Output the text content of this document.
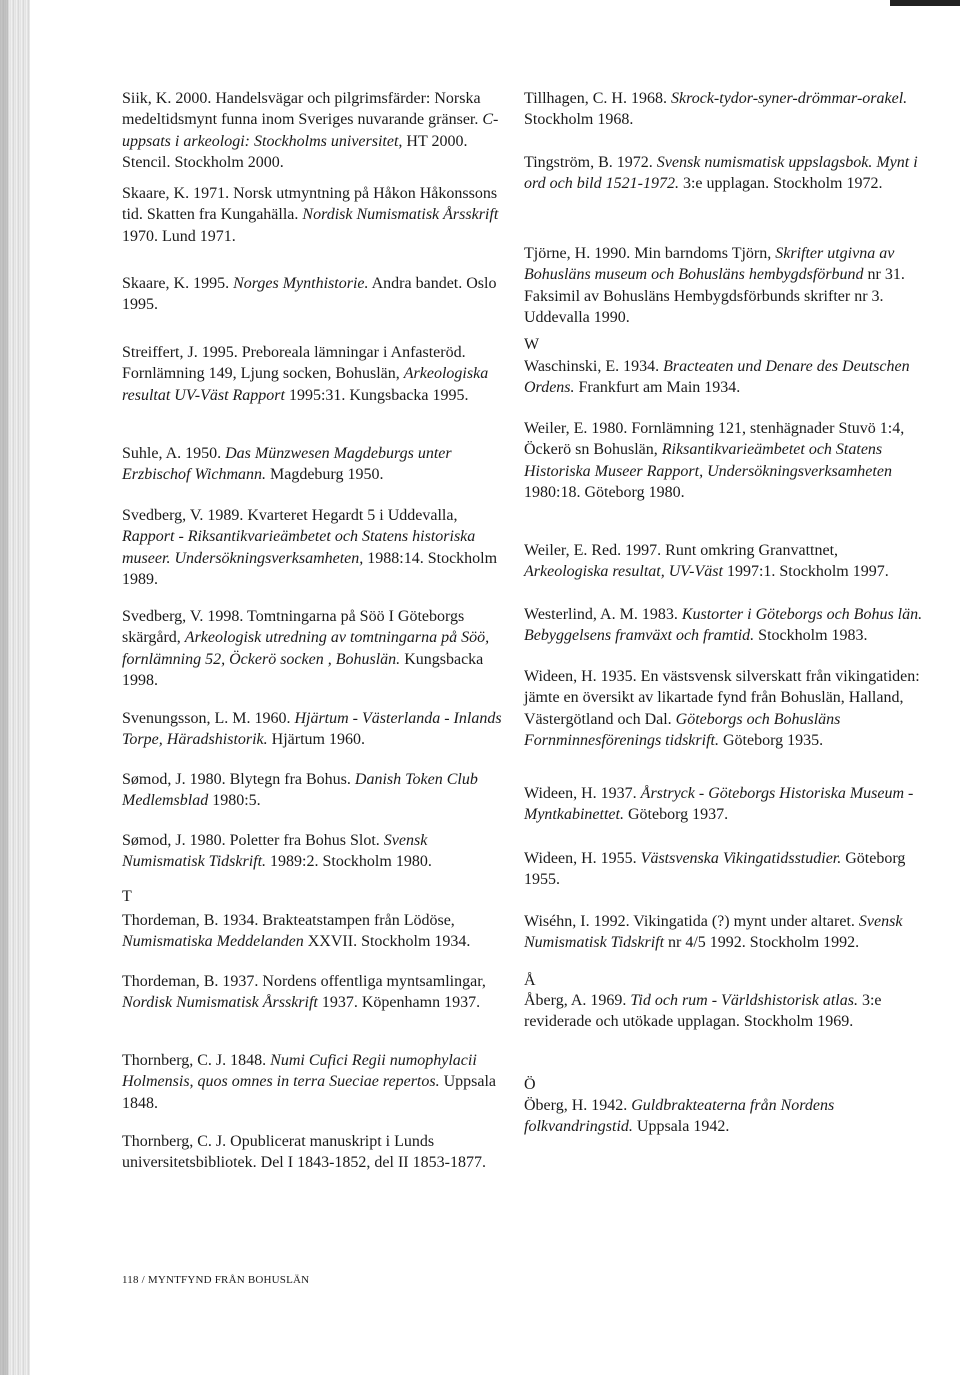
Siik, K. 2000. Handelsvägar och pilgrimsfärder: Norska medeltidsmynt funna inom Sveriges nuvarande gränser. C-uppsats i arkeologi: Stockholms universitet, HT 2000. Stencil. Stockholm 2000.
Skaare, K. 1971. Norsk utmyntning på Håkon Håkonssons tid. Skatten fra Kungahälla. Nordisk Numismatisk Årsskrift 1970. Lund 1971.
Skaare, K. 1995. Norges Mynthistorie. Andra bandet. Oslo 1995.
Streiffert, J. 1995. Preboreala lämningar i Anfasteröd. Fornlämning 149, Ljung socken, Bohuslän, Arkeologiska resultat UV-Väst Rapport 1995:31. Kungsbacka 1995.
Suhle, A. 1950. Das Münzwesen Magdeburgs unter Erzbischof Wichmann. Magdeburg 1950.
Svedberg, V. 1989. Kvarteret Hegardt 5 i Uddevalla, Rapport - Riksantikvarieämbetet och Statens historiska museer. Undersökningsverksamheten, 1988:14. Stockholm 1989.
Svedberg, V. 1998. Tomtningarna på Söö I Göteborgs skärgård, Arkeologisk utredning av tomtningarna på Söö, fornlämning 52, Öckerö socken , Bohuslän. Kungsbacka 1998.
Svenungsson, L. M. 1960. Hjärtum - Västerlanda - Inlands Torpe, Häradshistorik. Hjärtum 1960.
Sømod, J. 1980. Blytegn fra Bohus. Danish Token Club Medlemsblad 1980:5.
Sømod, J. 1980. Poletter fra Bohus Slot. Svensk Numismatisk Tidskrift. 1989:2. Stockholm 1980.
T
Thordeman, B. 1934. Brakteatstampen från Lödöse, Numismatiska Meddelanden XXVII. Stockholm 1934.
Thordeman, B. 1937. Nordens offentliga myntsamlingar, Nordisk Numismatisk Årsskrift 1937. Köpenhamn 1937.
Thornberg, C. J. 1848. Numi Cufici Regii numophylacii Holmensis, quos omnes in terra Sueciae repertos. Uppsala 1848.
Thornberg, C. J. Opublicerat manuskript i Lunds universitetsbibliotek. Del I 1843-1852, del II 1853-1877.
Tillhagen, C. H. 1968. Skrock-tydor-syner-drömmar-orakel. Stockholm 1968.
Tingström, B. 1972. Svensk numismatisk uppslagsbok. Mynt i ord och bild 1521-1972. 3:e upplagan. Stockholm 1972.
Tjörne, H. 1990. Min barndoms Tjörn, Skrifter utgivna av Bohusläns museum och Bohusläns hembygdsförbund nr 31. Faksimil av Bohusläns Hembygdsförbunds skrifter nr 3. Uddevalla 1990.
W
Waschinski, E. 1934. Bracteaten und Denare des Deutschen Ordens. Frankfurt am Main 1934.
Weiler, E. 1980. Fornlämning 121, stenhägnader Stuvö 1:4, Öckerö sn Bohuslän, Riksantikvarieämbetet och Statens Historiska Museer Rapport, Undersökningsverksamheten 1980:18. Göteborg 1980.
Weiler, E. Red. 1997. Runt omkring Granvattnet, Arkeologiska resultat, UV-Väst 1997:1. Stockholm 1997.
Westerlind, A. M. 1983. Kustorter i Göteborgs och Bohus län. Bebyggelsens framväxt och framtid. Stockholm 1983.
Wideen, H. 1935. En västsvensk silverskatt från vikingatiden: jämte en översikt av likartade fynd från Bohuslän, Halland, Västergötland och Dal. Göteborgs och Bohusläns Fornminnesförenings tidskrift. Göteborg 1935.
Wideen, H. 1937. Årstryck - Göteborgs Historiska Museum - Myntkabinettet. Göteborg 1937.
Wideen, H. 1955. Västsvenska Vikingatidsstudier. Göteborg 1955.
Wiséhn, I. 1992. Vikingatida (?) mynt under altaret. Svensk Numismatisk Tidskrift nr 4/5 1992. Stockholm 1992.
Å
Åberg, A. 1969. Tid och rum - Världshistorisk atlas. 3:e reviderade och utökade upplagan. Stockholm 1969.
Ö
Öberg, H. 1942. Guldbrakteaterna från Nordens folkvandringstid. Uppsala 1942.
118 / MYNTFYND FRÅN BOHUSLÄN
